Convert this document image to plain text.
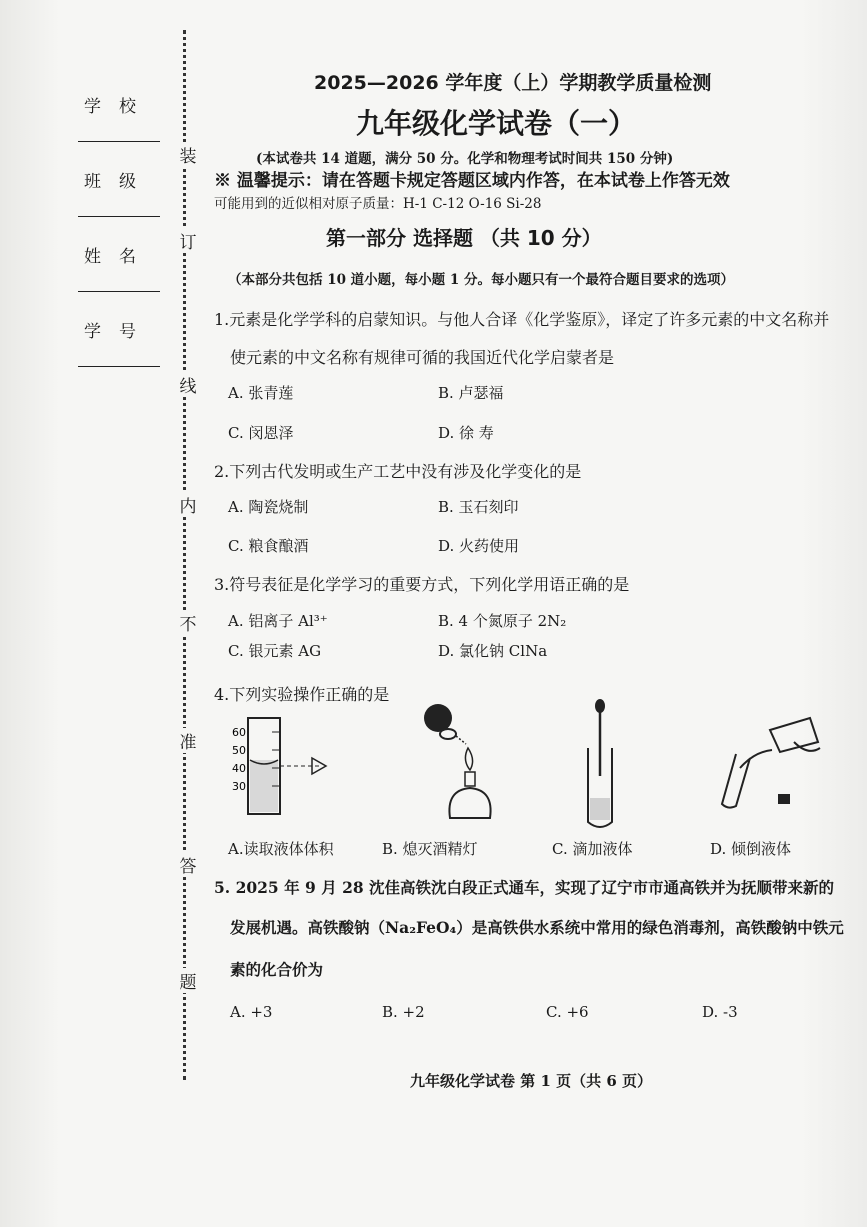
学校
班级
姓名
学号
装
订
线
内
不
准
答
题
2025—2026 学年度（上）学期教学质量检测
九年级化学试卷（一）
(本试卷共 14 道题，满分 50 分。化学和物理考试时间共 150 分钟)
※ 温馨提示：请在答题卡规定答题区域内作答，在本试卷上作答无效
可能用到的近似相对原子质量：H-1 C-12 O-16 Si-28
第一部分 选择题 （共 10 分）
（本部分共包括 10 道小题，每小题 1 分。每小题只有一个最符合题目要求的选项）
1.元素是化学学科的启蒙知识。与他人合译《化学鉴原》，译定了许多元素的中文名称并
使元素的中文名称有规律可循的我国近代化学启蒙者是
A. 张青莲	B. 卢瑟福
C. 闵恩泽	D. 徐 寿
2.下列古代发明或生产工艺中没有涉及化学变化的是
A. 陶瓷烧制	B. 玉石刻印
C. 粮食酿酒	D. 火药使用
3.符号表征是化学学习的重要方式，下列化学用语正确的是
A. 铝离子 Al³⁺	B. 4 个氮原子 2N₂
C. 银元素 AG	D. 氯化钠 ClNa
4.下列实验操作正确的是
60
50
40
30
A.读取液体体积	B. 熄灭酒精灯	C. 滴加液体	D. 倾倒液体
5. 2025 年 9 月 28 沈佳高铁沈白段正式通车，实现了辽宁市市通高铁并为抚顺带来新的
发展机遇。高铁酸钠（Na₂FeO₄）是高铁供水系统中常用的绿色消毒剂，高铁酸钠中铁元
素的化合价为
A. +3	B. +2	C. +6	D. -3
九年级化学试卷 第 1 页（共 6 页）
